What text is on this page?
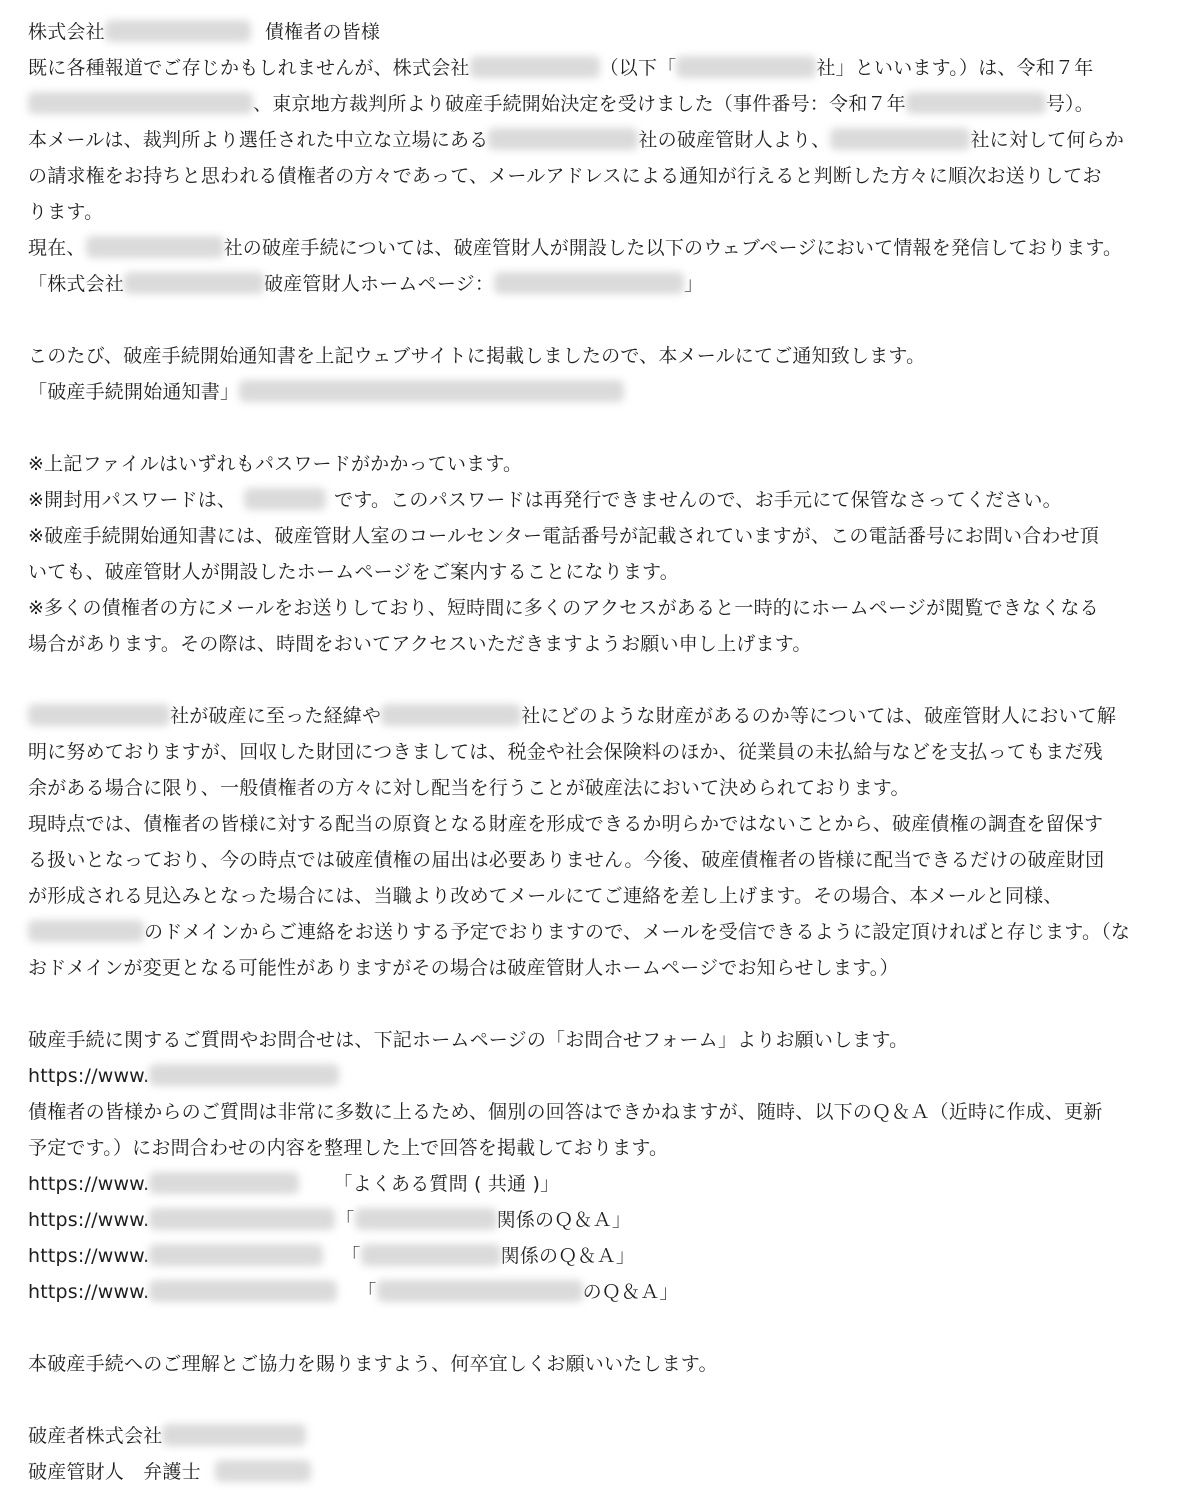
株式会社	債権者の皆様
既に各種報道でご存じかもしれませんが、株式会社	（以下「	社」といいます。）は、令和７年
、東京地方裁判所より破産手続開始決定を受けました（事件番号：令和７年	号）。
本メールは、裁判所より選任された中立な立場にある	社の破産管財人より、	社に対して何らか
の請求権をお持ちと思われる債権者の方々であって、メールアドレスによる通知が行えると判断した方々に順次お送りしてお
ります。
現在、	社の破産手続については、破産管財人が開設した以下のウェブページにおいて情報を発信しております。
「株式会社	破産管財人ホームページ：	」
このたび、破産手続開始通知書を上記ウェブサイトに掲載しましたので、本メールにてご通知致します。
「破産手続開始通知書」
※上記ファイルはいずれもパスワードがかかっています。
※開封用パスワードは、	です。このパスワードは再発行できませんので、お手元にて保管なさってください。
※破産手続開始通知書には、破産管財人室のコールセンター電話番号が記載されていますが、この電話番号にお問い合わせ頂
いても、破産管財人が開設したホームページをご案内することになります。
※多くの債権者の方にメールをお送りしており、短時間に多くのアクセスがあると一時的にホームページが閲覧できなくなる
場合があります。その際は、時間をおいてアクセスいただきますようお願い申し上げます。
社が破産に至った経緯や	社にどのような財産があるのか等については、破産管財人において解
明に努めておりますが、回収した財団につきましては、税金や社会保険料のほか、従業員の未払給与などを支払ってもまだ残
余がある場合に限り、一般債権者の方々に対し配当を行うことが破産法において決められております。
現時点では、債権者の皆様に対する配当の原資となる財産を形成できるか明らかではないことから、破産債権の調査を留保す
る扱いとなっており、今の時点では破産債権の届出は必要ありません。今後、破産債権者の皆様に配当できるだけの破産財団
が形成される見込みとなった場合には、当職より改めてメールにてご連絡を差し上げます。その場合、本メールと同様、
のドメインからご連絡をお送りする予定でおりますので、メールを受信できるように設定頂ければと存じます。（な
おドメインが変更となる可能性がありますがその場合は破産管財人ホームページでお知らせします。）
破産手続に関するご質問やお問合せは、下記ホームページの「お問合せフォーム」よりお願いします。
https://www.
債権者の皆様からのご質問は非常に多数に上るため、個別の回答はできかねますが、随時、以下のＱ＆Ａ（近時に作成、更新
予定です。）にお問合わせの内容を整理した上で回答を掲載しております。
https://www.	「よくある質問 ( 共通 )」
https://www.	「	関係のＱ＆Ａ」
https://www.	「	関係のＱ＆Ａ」
https://www.	「	のＱ＆Ａ」
本破産手続へのご理解とご協力を賜りますよう、何卒宜しくお願いいたします。
破産者株式会社
破産管財人　弁護士
